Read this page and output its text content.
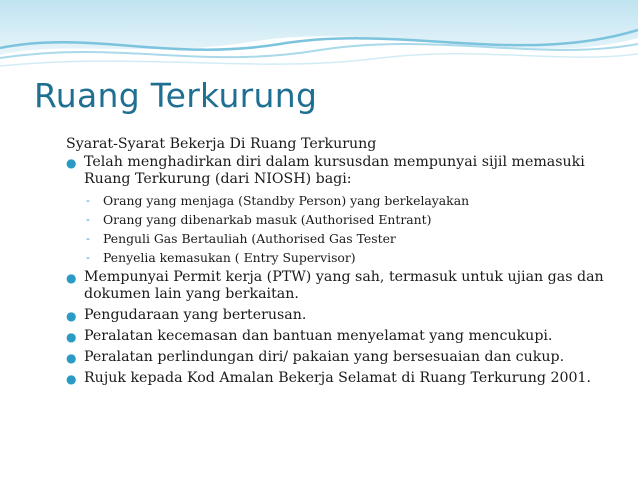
Ruang Terkurung

Syarat-Syarat Bekerja Di Ruang Terkurung

● Telah menghadirkan diri dalam kursusdan mempunyai sijil memasuki Ruang Terkurung (dari NIOSH) bagi:
- Orang yang menjaga (Standby Person) yang berkelayakan
- Orang yang dibenarkab masuk (Authorised Entrant)
- Penguli Gas Bertauliah (Authorised Gas Tester
- Penyelia kemasukan ( Entry Supervisor)
● Mempunyai Permit kerja (PTW) yang sah, termasuk untuk ujian gas dan dokumen lain yang berkaitan.
● Pengudaraan yang berterusan.
● Peralatan kecemasan dan bantuan menyelamat yang mencukupi.
● Peralatan perlindungan diri/ pakaian yang bersesuaian dan cukup.
● Rujuk kepada Kod Amalan Bekerja Selamat di Ruang Terkurung 2001.
